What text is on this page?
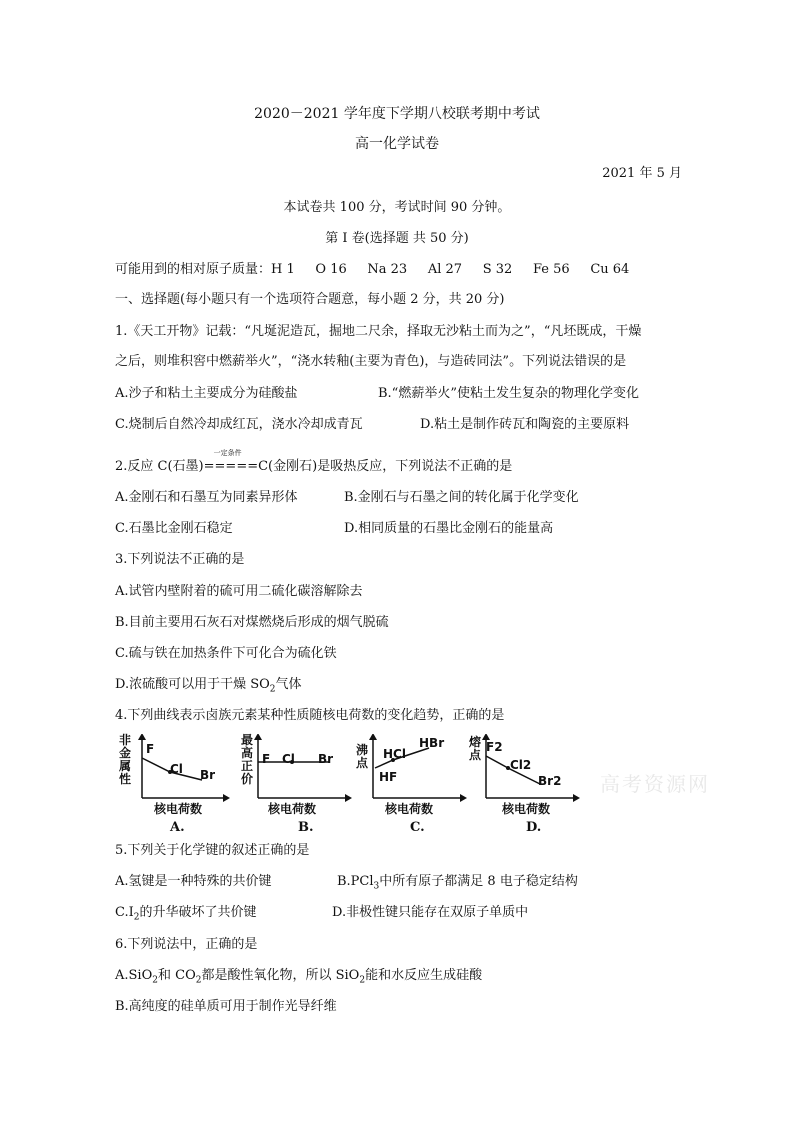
2020－2021 学年度下学期八校联考期中考试
高一化学试卷
2021 年 5 月
本试卷共 100 分，考试时间 90 分钟。
第 I 卷(选择题 共 50 分)
可能用到的相对原子质量：H 1     O 16     Na 23     Al 27     S 32     Fe 56     Cu 64
一、选择题(每小题只有一个选项符合题意，每小题 2 分，共 20 分)
1.《天工开物》记载：“凡埏泥造瓦，掘地二尺余，择取无沙粘土而为之”，“凡坯既成，干燥
之后，则堆积窖中燃薪举火”，“浇水转釉(主要为青色)，与造砖同法”。下列说法错误的是
A.沙子和粘土主要成分为硅酸盐	B.“燃薪举火”使粘土发生复杂的物理化学变化
C.烧制后自然冷却成红瓦，浇水冷却成青瓦	D.粘土是制作砖瓦和陶瓷的主要原料
2.反应 C(石墨)
一定条件
=====C(金刚石)是吸热反应，下列说法不正确的是
A.金刚石和石墨互为同素异形体	B.金刚石与石墨之间的转化属于化学变化
C.石墨比金刚石稳定	D.相同质量的石墨比金刚石的能量高
3.下列说法不正确的是
A.试管内壁附着的硫可用二硫化碳溶解除去
B.目前主要用石灰石对煤燃烧后形成的烟气脱硫
C.硫与铁在加热条件下可化合为硫化铁
D.浓硫酸可以用于干燥 $SO_2$气体
4.下列曲线表示卤族元素某种性质随核电荷数的变化趋势，正确的是
非金属性
F
Cl Br
核电荷数
A.
最高正价
F Cl Br
核电荷数
B.
沸点
HF
HCl
HBr
核电荷数
C.
熔点
F2
Cl2
Br2
核电荷数
D.
高考资源网
5.下列关于化学键的叙述正确的是
A.氢键是一种特殊的共价键	B.PCl$_3$中所有原子都满足 8 电子稳定结构
$C.I_2$的升华破坏了共价键	D.非极性键只能存在双原子单质中
6.下列说法中，正确的是
A.SiO$_2$和 $CO_2$都是酸性氧化物，所以 SiO$_2$能和水反应生成硅酸
B.高纯度的硅单质可用于制作光导纤维
